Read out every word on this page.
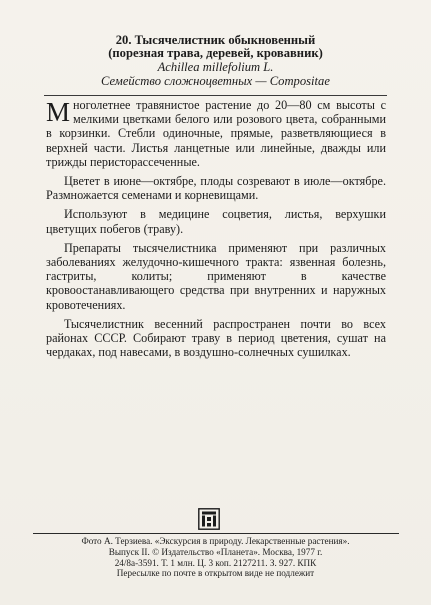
20. Тысячелистник обыкновенный
(порезная трава, деревей, кровавник)
Achillea millefolium L.
Семейство сложноцветных — Compositae

Многолетнее травянистое растение до 20—80 см высоты с мелкими цветками белого или розового цвета, собранными в корзинки. Стебли одиночные, прямые, разветвляющиеся в верхней части. Листья ланцетные или линейные, дважды или трижды перисторассеченные.

Цветет в июне—октябре, плоды созревают в июле—октябре. Размножается семенами и корневищами.

Используют в медицине соцветия, листья, верхушки цветущих побегов (траву).

Препараты тысячелистника применяют при различных заболеваниях желудочно-кишечного тракта: язвенная болезнь, гастриты, колиты; применяют в качестве кровоостанавливающего средства при внутренних и наружных кровотечениях.

Тысячелистник весенний распространен почти во всех районах СССР. Собирают траву в период цветения, сушат на чердаках, под навесами, в воздушно-солнечных сушилках.

Фото А. Терзиева. «Экскурсия в природу. Лекарственные растения».
Выпуск II. © Издательство «Планета». Москва, 1977 г.
24/8а-3591. Т. 1 млн. Ц. 3 коп. 2127211. З. 927. КПК
Пересылке по почте в открытом виде не подлежит
